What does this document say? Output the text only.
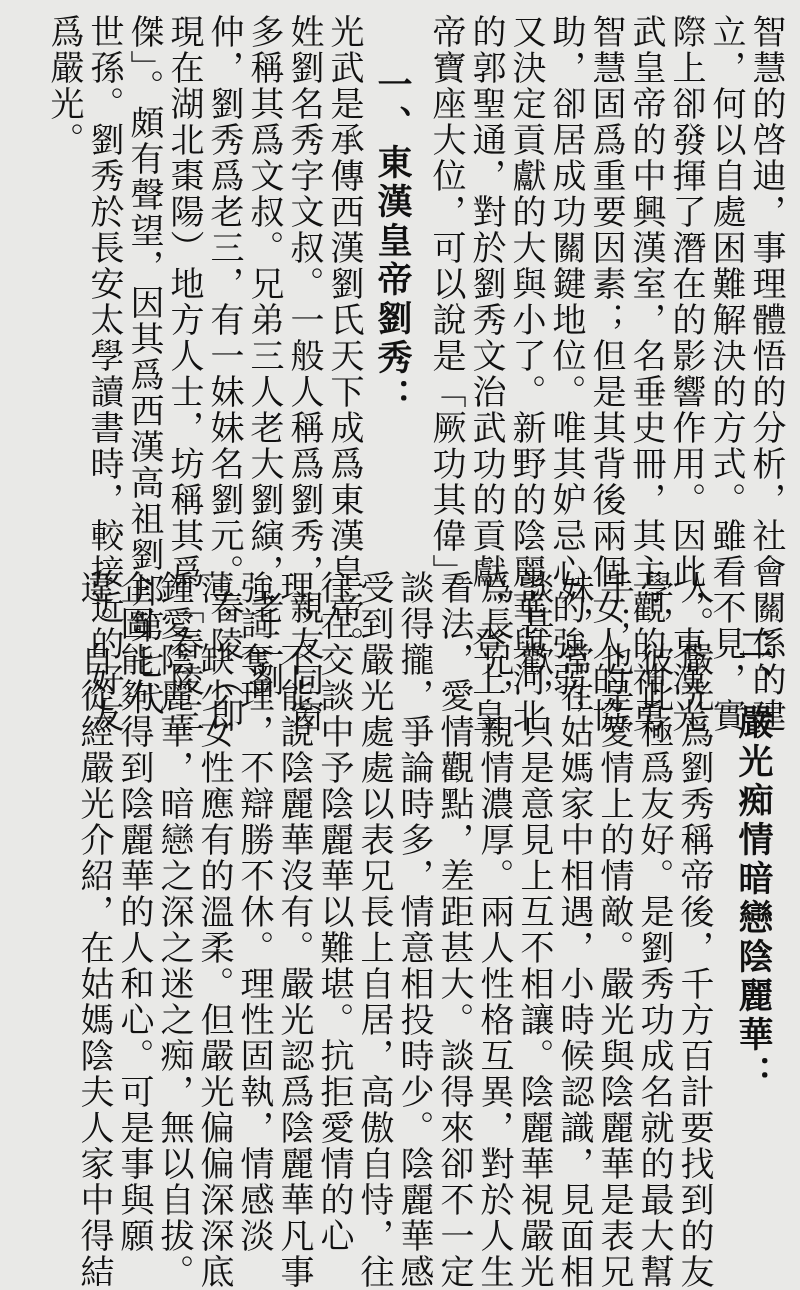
智慧的啓迪，事理體悟的分析，社會關係的建
立，何以自處困難解決的方式。雖看不見，實
際上卻發揮了潛在的影響作用。因此，東漢光
武皇帝的中興漢室，名垂史冊，其主觀的神勇
智慧固爲重要因素；但是其背後兩個女人的協
助，卻居成功關鍵地位。唯其妒忌心的強弱，
又決定貢獻的大與小了。新野的陰麗華與河北
的郭聖通，對於劉秀文治武功的貢獻，登上皇
帝寶座大位，可以說是「厥功其偉」。
一、東漢皇帝劉秀：
光武是承傳西漢劉氏天下成爲東漢皇帝。
姓劉名秀字文叔。一般人稱爲劉秀，親友同窗
多稱其爲文叔。兄弟三人老大劉縯，老二劉
仲，劉秀爲老三，有一妹妹名劉元。舂陵（即
現在湖北棗陽）地方人士，坊稱其爲「舂陵三
傑」。頗有聲望，因其爲西漢高祖劉邦第七代
世孫。劉秀於長安太學讀書時，較接近的好友
爲嚴光。
二、嚴光痴情暗戀陰麗華：
人。嚴光爲劉秀稱帝後，千方百計要找到的友
學，彼此極爲友好。是劉秀功成名就的最大幫
手；也是愛情上的情敵。嚴光與陰麗華是表兄
妹，常在姑媽家中相遇，小時候認識，見面相
談甚歡，只是意見上互不相讓。陰麗華視嚴光
爲長兄，親情濃厚。兩人性格互異，對於人生
看法，愛情觀點，差距甚大。談得來卻不一定
談得攏，爭論時多，情意相投時少。陰麗華感
受到嚴光處處以表兄長上自居，高傲自恃，往
往在交談中予陰麗華以難堪。抗拒愛情的心
理，不能說陰麗華沒有。嚴光認爲陰麗華凡事
強詞奪理，不辯勝不休。理性固執，情感淡
薄，缺少女性應有的溫柔。但嚴光偏偏深深底
鍾愛陰麗華，暗戀之深之迷之痴，無以自拔。
企圖能夠得到陰麗華的人和心。可是事與願
違。自從經嚴光介紹，在姑媽陰夫人家中得結
